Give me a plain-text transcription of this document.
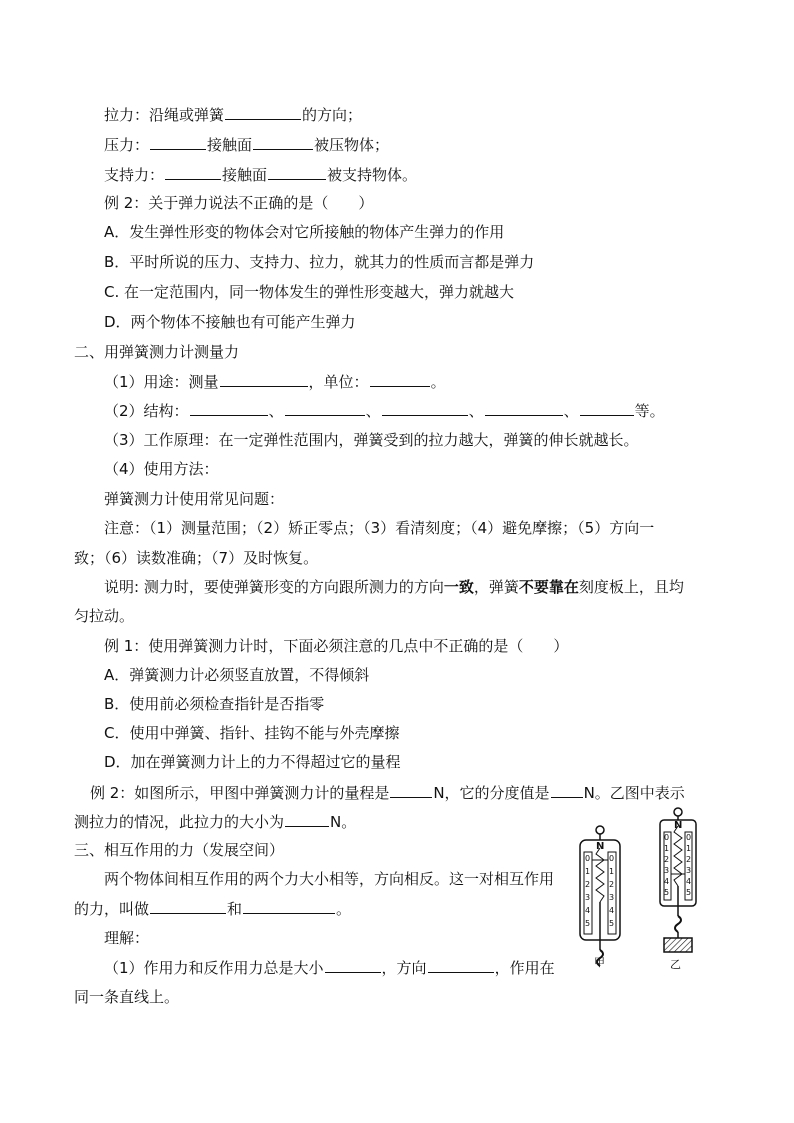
拉力：沿绳或弹簧	的方向；
压力：	接触面	被压物体；
支持力：	接触面	被支持物体。
例 2：关于弹力说法不正确的是（　　）
A．发生弹性形变的物体会对它所接触的物体产生弹力的作用
B．平时所说的压力、支持力、拉力，就其力的性质而言都是弹力
C. 在一定范围内，同一物体发生的弹性形变越大，弹力就越大
D．两个物体不接触也有可能产生弹力
二、用弹簧测力计测量力
（1）用途：测量	，单位：	。
（2）结构：	、	、	、	、	等。
（3）工作原理：在一定弹性范围内，弹簧受到的拉力越大，弹簧的伸长就越长。
（4）使用方法：
弹簧测力计使用常见问题：
注意：（1）测量范围；（2）矫正零点；（3）看清刻度；（4）避免摩擦；（5）方向一
致；（6）读数准确；（7）及时恢复。
说明: 测力时，要使弹簧形变的方向跟所测力的方向一致，弹簧不要靠在刻度板上，且均
匀拉动。
例 1：使用弹簧测力计时，下面必须注意的几点中不正确的是（　　）
A．弹簧测力计必须竖直放置，不得倾斜
B．使用前必须检查指针是否指零
C．使用中弹簧、指针、挂钩不能与外壳摩擦
D．加在弹簧测力计上的力不得超过它的量程
例 2：如图所示，甲图中弹簧测力计的量程是	N，它的分度值是 N。乙图中表示
测拉力的情况，此拉力的大小为	N。
三、相互作用的力（发展空间）
两个物体间相互作用的两个力大小相等，方向相反。这一对相互作用
的力，叫做	和	。
理解：
（1）作用力和反作用力总是大小	，方向	，作用在
同一条直线上。
N
0
1
2
3
4
5
0
1
2
3
4
5
甲
N
0
1
2
3
4
5
0
1
2
3
4
5
乙
